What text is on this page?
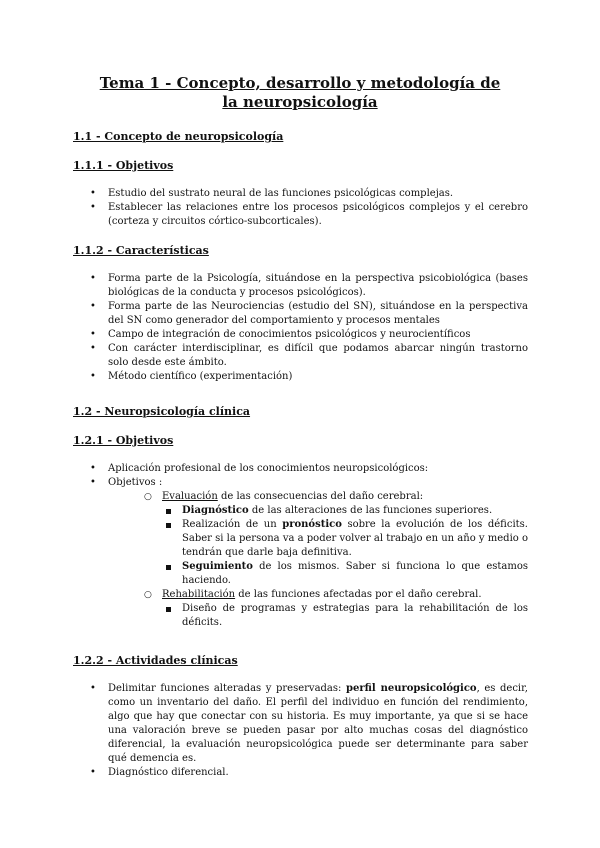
Tema 1 - Concepto, desarrollo y metodología de la neuropsicología
1.1 - Concepto de neuropsicología
1.1.1 - Objetivos
• Estudio del sustrato neural de las funciones psicológicas complejas.
• Establecer las relaciones entre los procesos psicológicos complejos y el cerebro (corteza y circuitos córtico-subcorticales).
1.1.2 - Características
• Forma parte de la Psicología, situándose en la perspectiva psicobiológica (bases biológicas de la conducta y procesos psicológicos).
• Forma parte de las Neurociencias (estudio del SN), situándose en la perspectiva del SN como generador del comportamiento y procesos mentales
• Campo de integración de conocimientos psicológicos y neurocientíficos
• Con carácter interdisciplinar, es difícil que podamos abarcar ningún trastorno solo desde este ámbito.
• Método científico (experimentación)
1.2 - Neuropsicología clínica
1.2.1 - Objetivos
• Aplicación profesional de los conocimientos neuropsicológicos:
• Objetivos :
○ Evaluación de las consecuencias del daño cerebral:
Diagnóstico de las alteraciones de las funciones superiores.
Realización de un pronóstico sobre la evolución de los déficits. Saber si la persona va a poder volver al trabajo en un año y medio o tendrán que darle baja definitiva.
Seguimiento de los mismos. Saber si funciona lo que estamos haciendo.
○ Rehabilitación de las funciones afectadas por el daño cerebral.
Diseño de programas y estrategias para la rehabilitación de los déficits.
1.2.2 - Actividades clínicas
• Delimitar funciones alteradas y preservadas: perfil neuropsicológico, es decir, como un inventario del daño. El perfil del individuo en función del rendimiento, algo que hay que conectar con su historia. Es muy importante, ya que si se hace una valoración breve se pueden pasar por alto muchas cosas del diagnóstico diferencial, la evaluación neuropsicológica puede ser determinante para saber qué demencia es.
• Diagnóstico diferencial.
